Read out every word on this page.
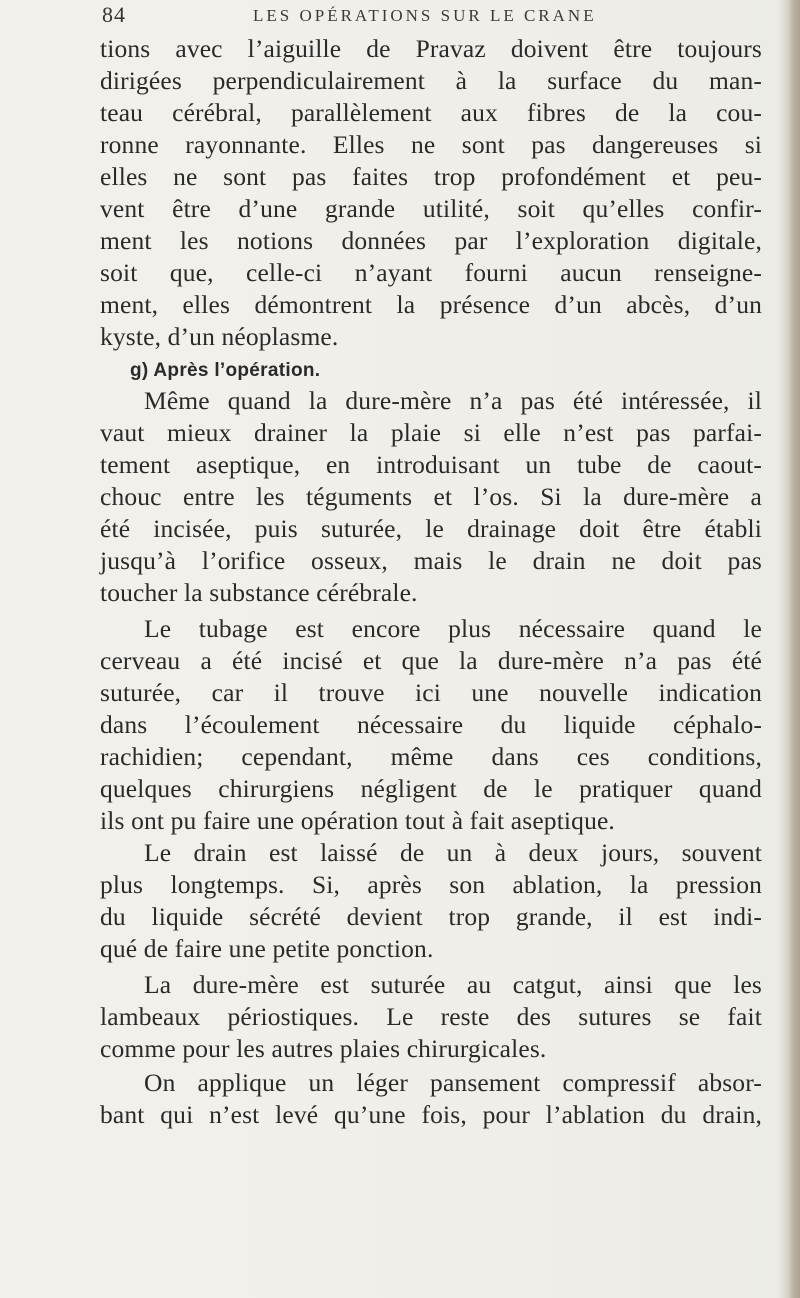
84	LES OPÉRATIONS SUR LE CRANE
tions avec l’aiguille de Pravaz doivent être toujours
dirigées perpendiculairement à la surface du man-
teau cérébral, parallèlement aux fibres de la cou-
ronne rayonnante. Elles ne sont pas dangereuses si
elles ne sont pas faites trop profondément et peu-
vent être d’une grande utilité, soit qu’elles confir-
ment les notions données par l’exploration digitale,
soit que, celle-ci n’ayant fourni aucun renseigne-
ment, elles démontrent la présence d’un abcès, d’un
kyste, d’un néoplasme.
g) Après l’opération.
Même quand la dure-mère n’a pas été intéressée, il
vaut mieux drainer la plaie si elle n’est pas parfai-
tement aseptique, en introduisant un tube de caout-
chouc entre les téguments et l’os. Si la dure-mère a
été incisée, puis suturée, le drainage doit être établi
jusqu’à l’orifice osseux, mais le drain ne doit pas
toucher la substance cérébrale.
Le tubage est encore plus nécessaire quand le
cerveau a été incisé et que la dure-mère n’a pas été
suturée, car il trouve ici une nouvelle indication
dans l’écoulement nécessaire du liquide céphalo-
rachidien; cependant, même dans ces conditions,
quelques chirurgiens négligent de le pratiquer quand
ils ont pu faire une opération tout à fait aseptique.
Le drain est laissé de un à deux jours, souvent
plus longtemps. Si, après son ablation, la pression
du liquide sécrété devient trop grande, il est indi-
qué de faire une petite ponction.
La dure-mère est suturée au catgut, ainsi que les
lambeaux périostiques. Le reste des sutures se fait
comme pour les autres plaies chirurgicales.
On applique un léger pansement compressif absor-
bant qui n’est levé qu’une fois, pour l’ablation du drain,
